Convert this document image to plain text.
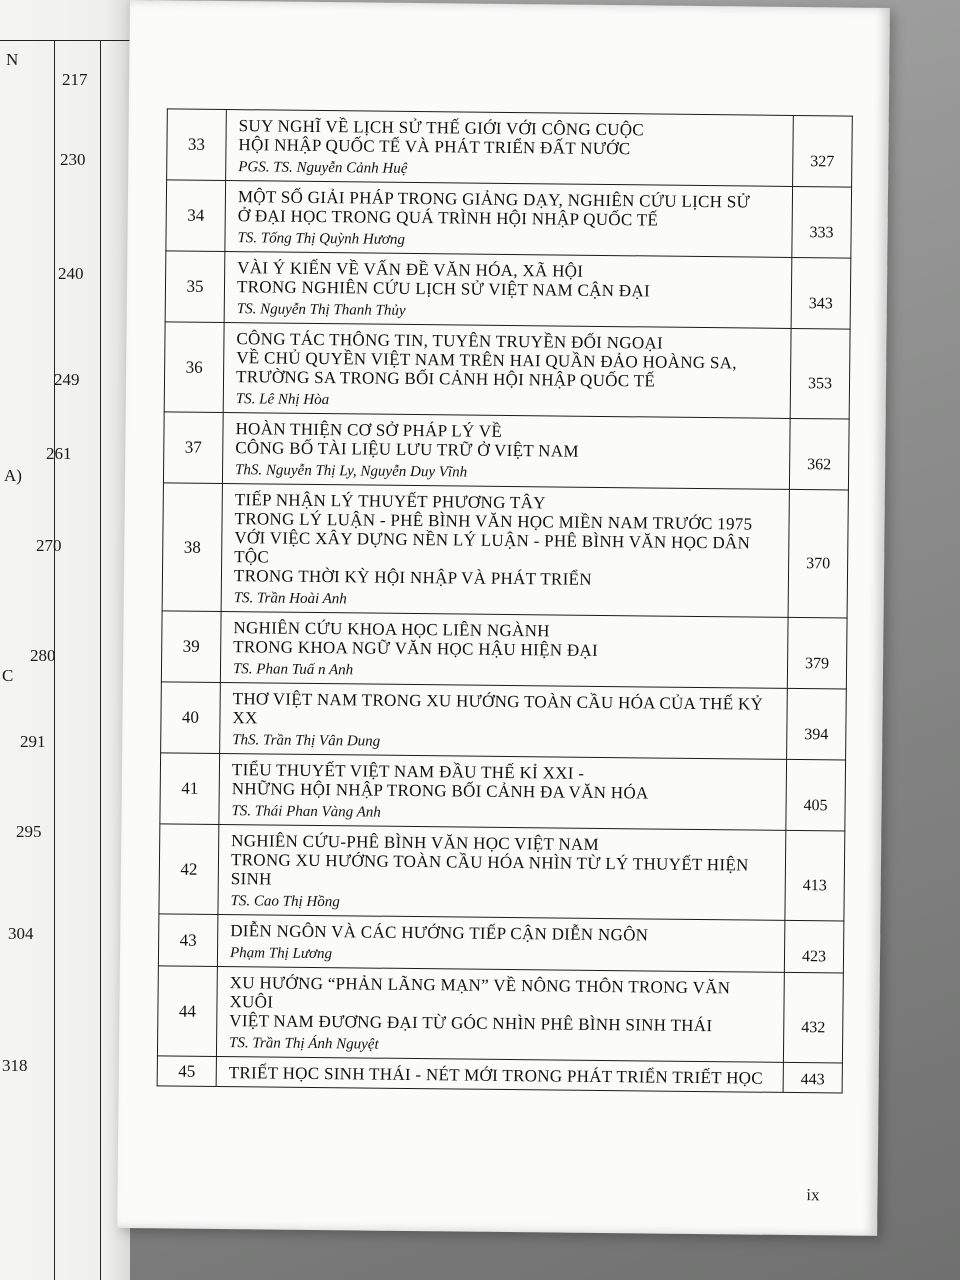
N
A)
C
217
230
240
249
261
270
280
291
295
304
318
33	SUY NGHĨ VỀ LỊCH SỬ THẾ GIỚI VỚI CÔNG CUỘC
HỘI NHẬP QUỐC TẾ VÀ PHÁT TRIỂN ĐẤT NƯỚC
PGS. TS. Nguyễn Cảnh Huệ	327
34	MỘT SỐ GIẢI PHÁP TRONG GIẢNG DẠY, NGHIÊN CỨU LỊCH SỬ
Ở ĐẠI HỌC TRONG QUÁ TRÌNH HỘI NHẬP QUỐC TẾ
TS. Tống Thị Quỳnh Hương	333
35	VÀI Ý KIẾN VỀ VẤN ĐỀ VĂN HÓA, XÃ HỘI
TRONG NGHIÊN CỨU LỊCH SỬ VIỆT NAM CẬN ĐẠI
TS. Nguyễn Thị Thanh Thủy	343
36	CÔNG TÁC THÔNG TIN, TUYÊN TRUYỀN ĐỐI NGOẠI
VỀ CHỦ QUYỀN VIỆT NAM TRÊN HAI QUẦN ĐẢO HOÀNG SA,
TRƯỜNG SA TRONG BỐI CẢNH HỘI NHẬP QUỐC TẾ
TS. Lê Nhị Hòa	353
37	HOÀN THIỆN CƠ SỞ PHÁP LÝ VỀ
CÔNG BỐ TÀI LIỆU LƯU TRỮ Ở VIỆT NAM
ThS. Nguyễn Thị Ly, Nguyễn Duy Vĩnh	362
38	TIẾP NHẬN LÝ THUYẾT PHƯƠNG TÂY
TRONG LÝ LUẬN - PHÊ BÌNH VĂN HỌC MIỀN NAM TRƯỚC 1975
VỚI VIỆC XÂY DỰNG NỀN LÝ LUẬN - PHÊ BÌNH VĂN HỌC DÂN TỘC
TRONG THỜI KỲ HỘI NHẬP VÀ PHÁT TRIỂN
TS. Trần Hoài Anh	370
39	NGHIÊN CỨU KHOA HỌC LIÊN NGÀNH
TRONG KHOA NGỮ VĂN HỌC HẬU HIỆN ĐẠI
TS. Phan Tuấ n Anh	379
40	THƠ VIỆT NAM TRONG XU HƯỚNG TOÀN CẦU HÓA CỦA THẾ KỶ XX
ThS. Trần Thị Vân Dung	394
41	TIỂU THUYẾT VIỆT NAM ĐẦU THẾ KỈ XXI -
NHỮNG HỘI NHẬP TRONG BỐI CẢNH ĐA VĂN HÓA
TS. Thái Phan Vàng Anh	405
42	NGHIÊN CỨU-PHÊ BÌNH VĂN HỌC VIỆT NAM
TRONG XU HƯỚNG TOÀN CẦU HÓA NHÌN TỪ LÝ THUYẾT HIỆN SINH
TS. Cao Thị Hồng	413
43	DIỄN NGÔN VÀ CÁC HƯỚNG TIẾP CẬN DIỄN NGÔN
Phạm Thị Lương	423
44	XU HƯỚNG “PHẢN LÃNG MẠN” VỀ NÔNG THÔN TRONG VĂN XUÔI
VIỆT NAM ĐƯƠNG ĐẠI TỪ GÓC NHÌN PHÊ BÌNH SINH THÁI
TS. Trần Thị Ánh Nguyệt	432
45	TRIẾT HỌC SINH THÁI - NÉT MỚI TRONG PHÁT TRIỂN TRIẾT HỌC	443
ix
